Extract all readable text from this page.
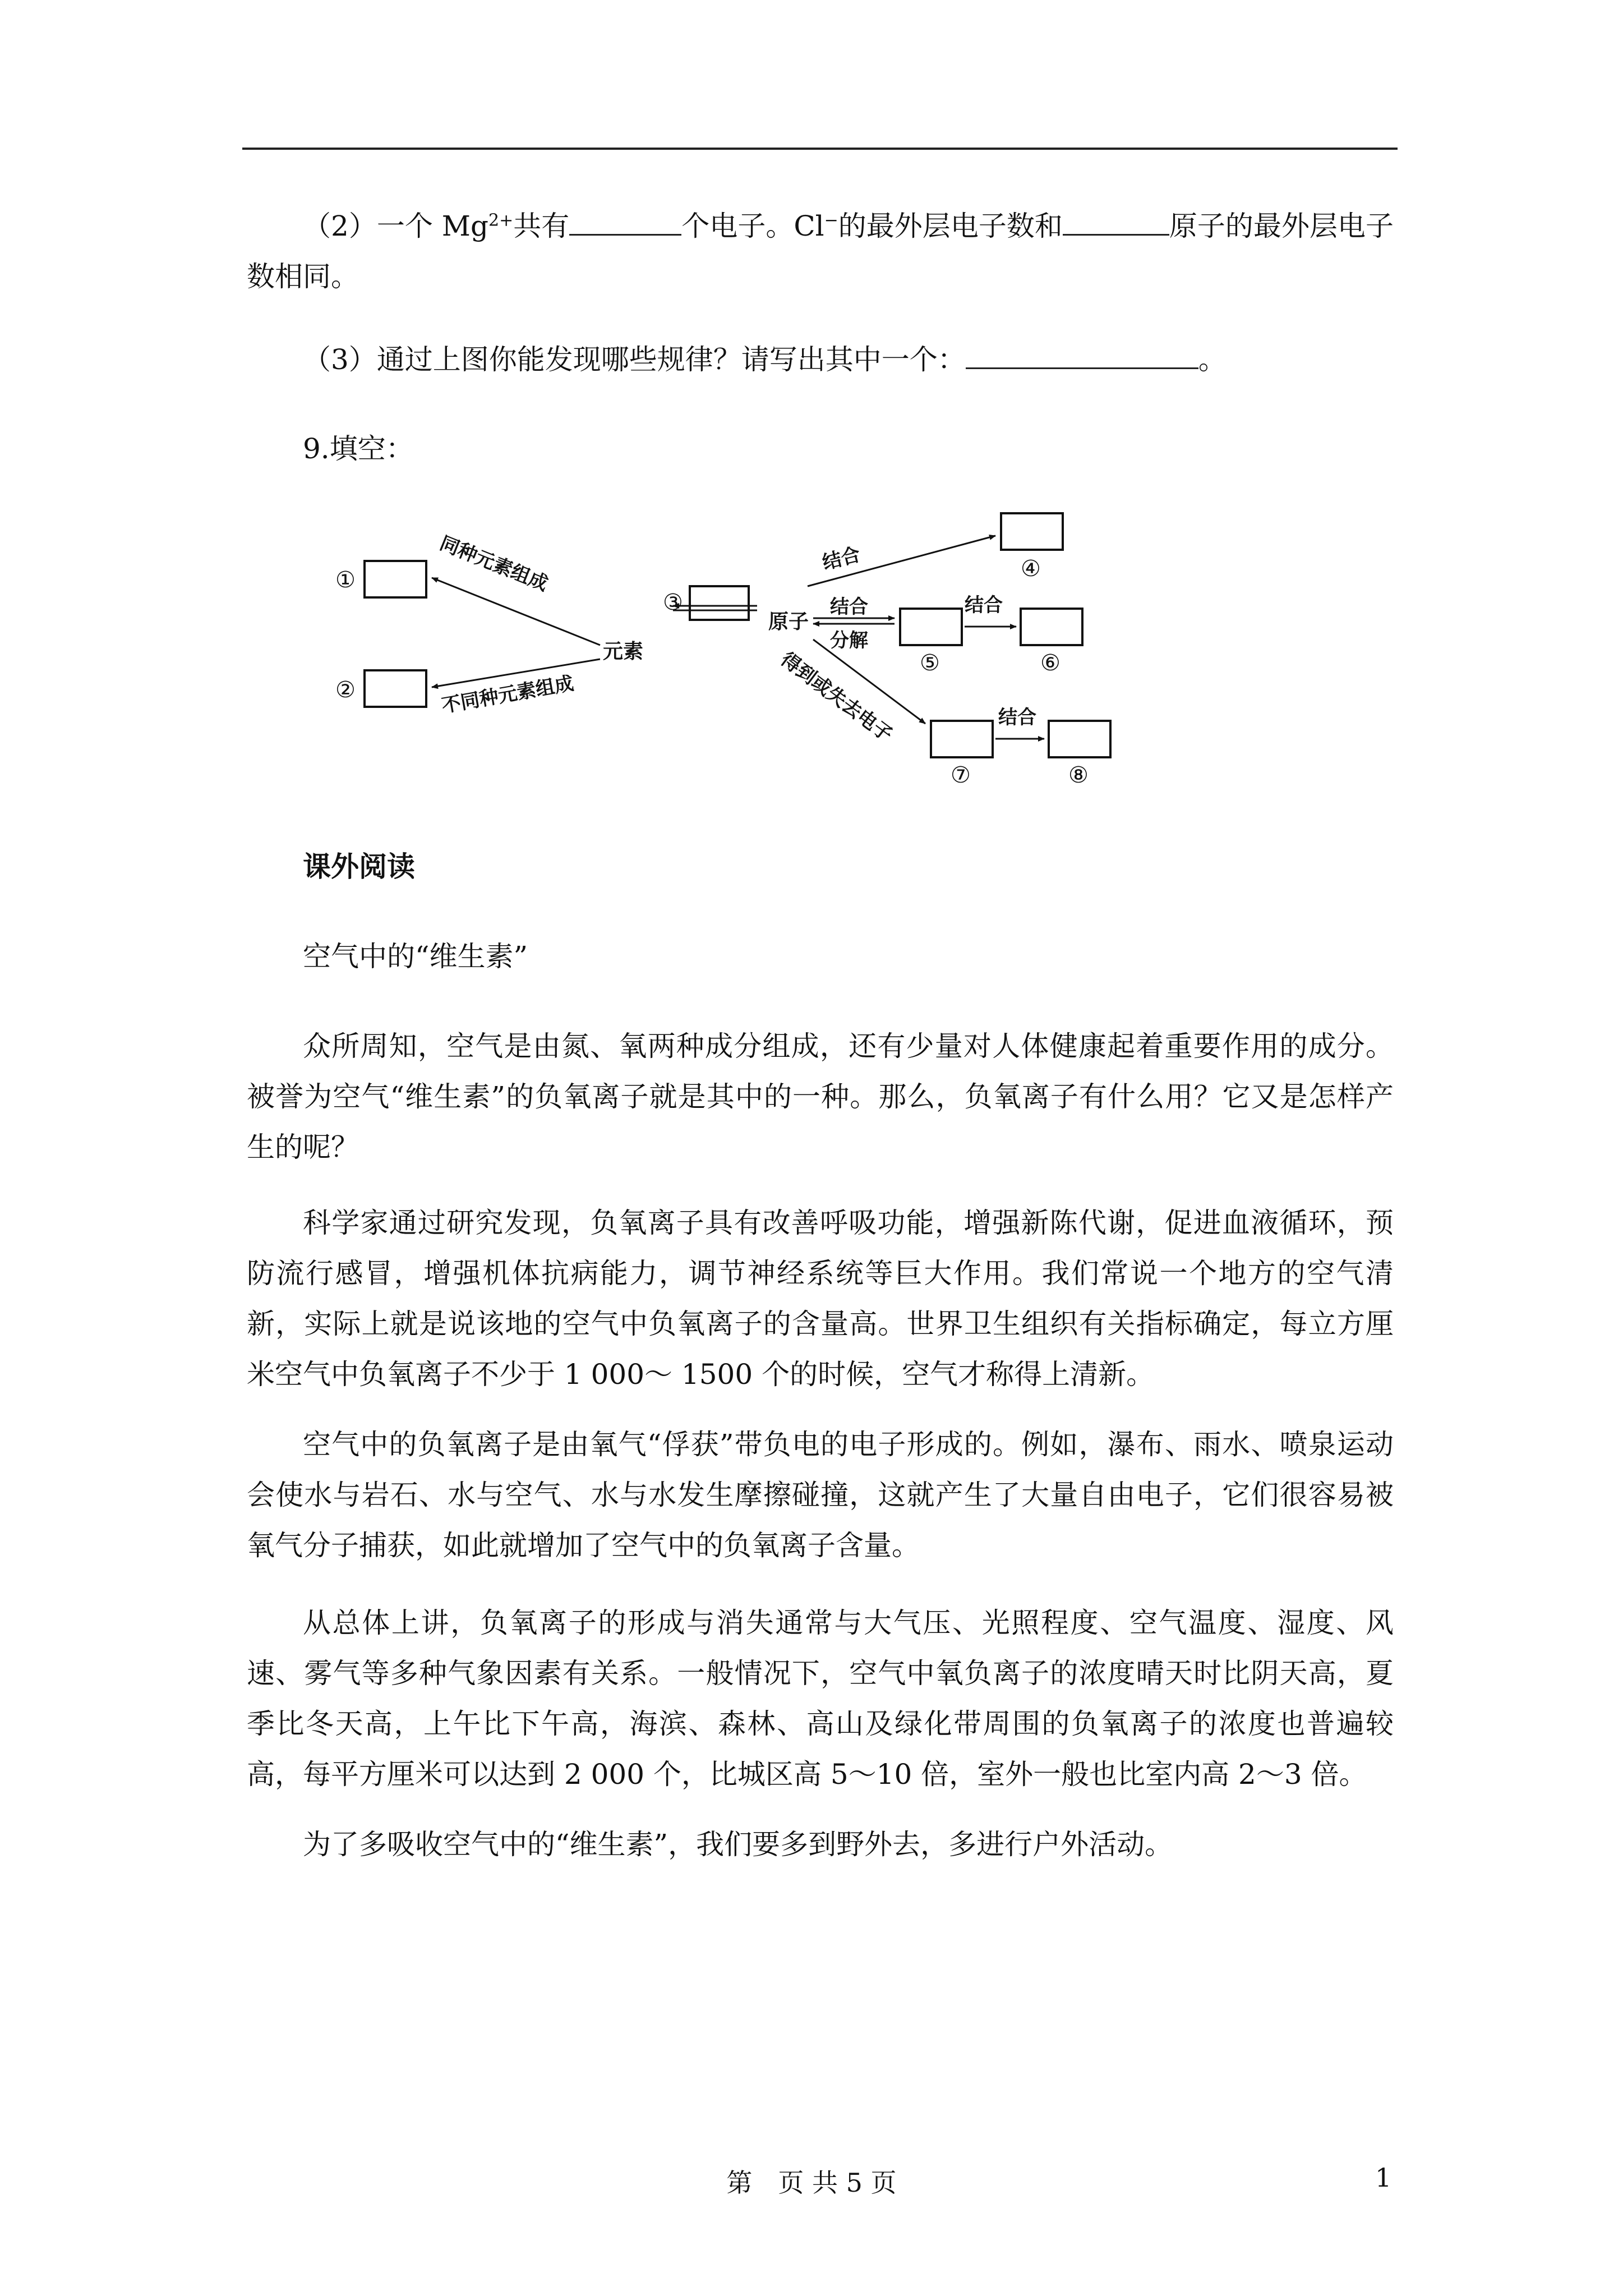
（2）一个 $Mg^{2+}$共有	个电子。Cl−的最外层电子数和	原子的最外层电子数相同。

（3）通过上图你能发现哪些规律？请写出其中一个：	。

9.填空：

元素
原子
同种元素组成
不同种元素组成
结合
结合
分解
结合
得到或失去电子	结合
①
②
③
④
⑤	⑥
⑦	⑧

课外阅读

空气中的“维生素”

众所周知，空气是由氮、氧两种成分组成，还有少量对人体健康起着重要作用的成分。被誉为空气“维生素”的负氧离子就是其中的一种。那么，负氧离子有什么用？它又是怎样产生的呢？

科学家通过研究发现，负氧离子具有改善呼吸功能，增强新陈代谢，促进血液循环，预防流行感冒，增强机体抗病能力，调节神经系统等巨大作用。我们常说一个地方的空气清新，实际上就是说该地的空气中负氧离子的含量高。世界卫生组织有关指标确定，每立方厘米空气中负氧离子不少于 1 000～ 1500 个的时候，空气才称得上清新。

空气中的负氧离子是由氧气“俘获”带负电的电子形成的。例如，瀑布、雨水、喷泉运动会使水与岩石、水与空气、水与水发生摩擦碰撞，这就产生了大量自由电子，它们很容易被氧气分子捕获，如此就增加了空气中的负氧离子含量。

从总体上讲，负氧离子的形成与消失通常与大气压、光照程度、空气温度、湿度、风速、雾气等多种气象因素有关系。一般情况下，空气中氧负离子的浓度晴天时比阴天高，夏季比冬天高，上午比下午高，海滨、森林、高山及绿化带周围的负氧离子的浓度也普遍较高，每平方厘米可以达到 2 000 个，比城区高 5～10 倍，室外一般也比室内高 2～3 倍。

为了多吸收空气中的“维生素”，我们要多到野外去，多进行户外活动。

第　页 共 5 页	1
